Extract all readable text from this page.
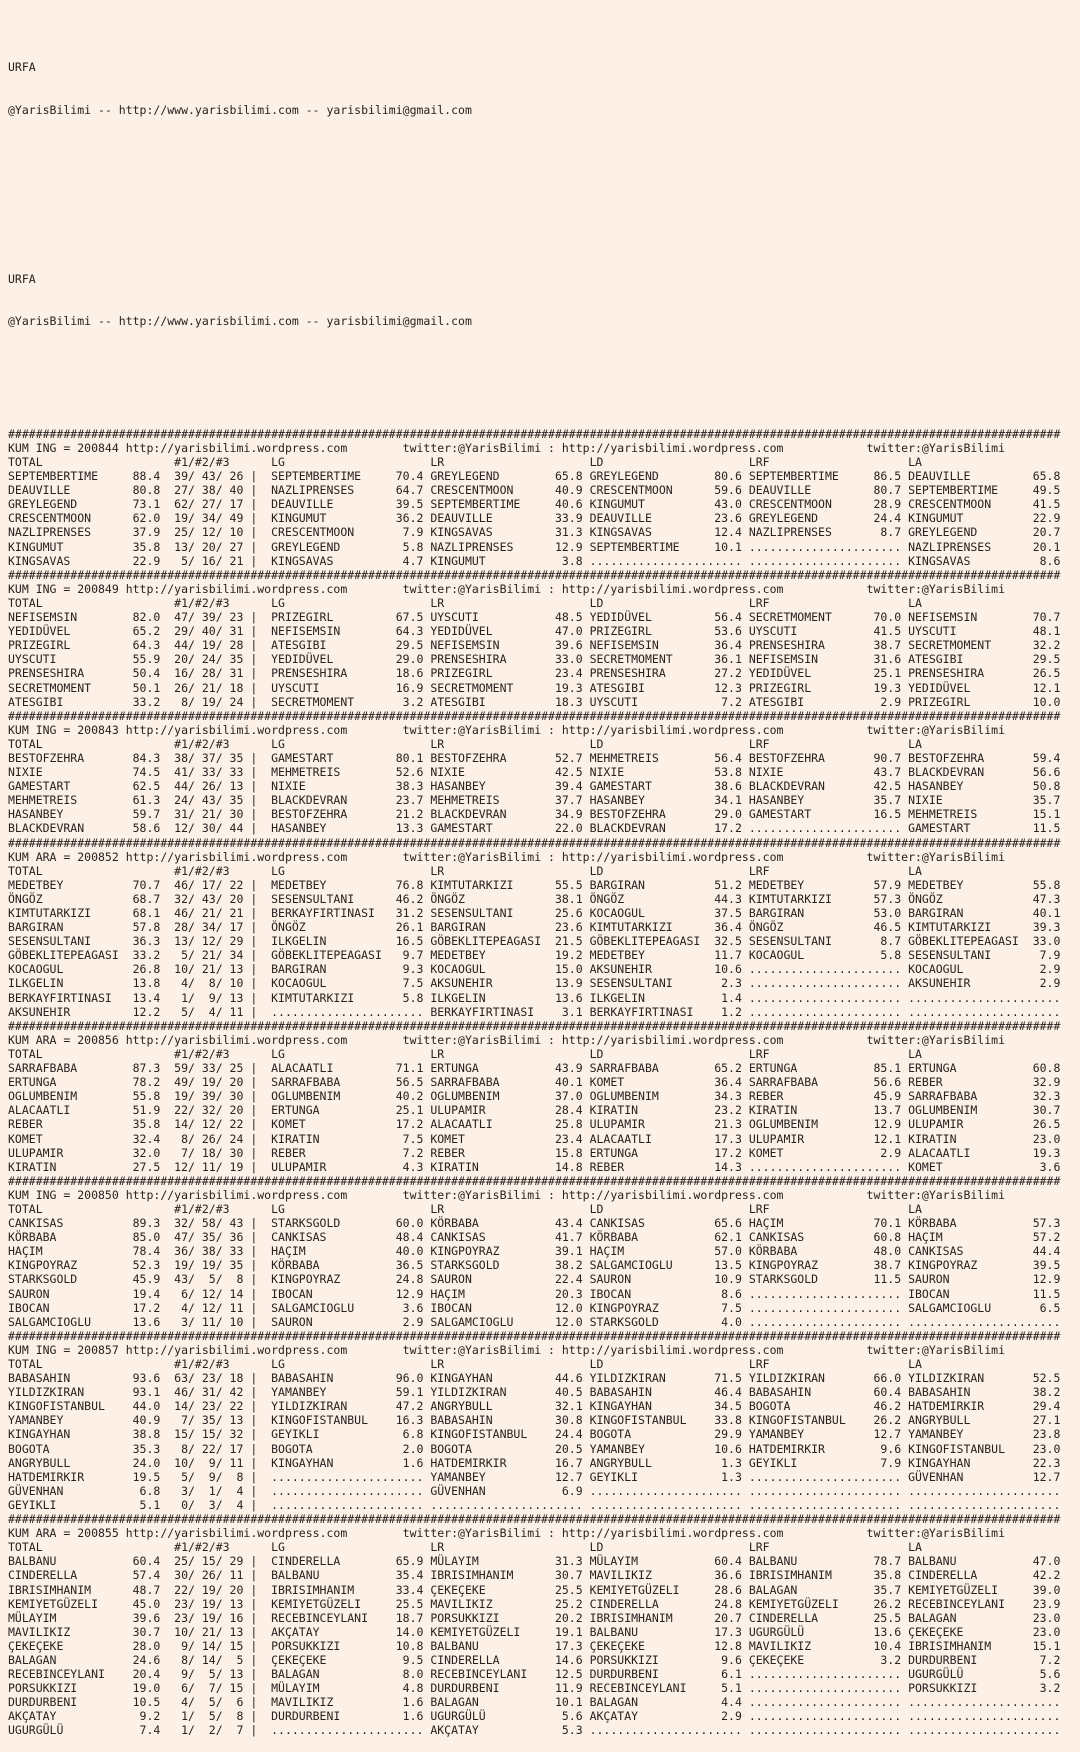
URFA

@YarisBilimi -- http://www.yarisbilimi.com -- yarisbilimi@gmail.com

URFA

@YarisBilimi -- http://www.yarisbilimi.com -- yarisbilimi@gmail.com

########################################################################################################################################################
KUM ING = 200844 http://yarisbilimi.wordpress.com        twitter:@YarisBilimi : http://yarisbilimi.wordpress.com            twitter:@YarisBilimi
TOTAL                   #1/#2/#3      LG                     LR                     LD                     LRF                    LA
SEPTEMBERTIME     88.4  39/ 43/ 26 |  SEPTEMBERTIME     70.4 GREYLEGEND        65.8 GREYLEGEND        80.6 SEPTEMBERTIME     86.5 DEAUVILLE         65.8
DEAUVILLE         80.8  27/ 38/ 40 |  NAZLIPRENSES      64.7 CRESCENTMOON      40.9 CRESCENTMOON      59.6 DEAUVILLE         80.7 SEPTEMBERTIME     49.5
GREYLEGEND        73.1  62/ 27/ 17 |  DEAUVILLE         39.5 SEPTEMBERTIME     40.6 KINGUMUT          43.0 CRESCENTMOON      28.9 CRESCENTMOON      41.5
CRESCENTMOON      62.0  19/ 34/ 49 |  KINGUMUT          36.2 DEAUVILLE         33.9 DEAUVILLE         23.6 GREYLEGEND        24.4 KINGUMUT          22.9
NAZLIPRENSES      37.9  25/ 12/ 10 |  CRESCENTMOON       7.9 KINGSAVAS         31.3 KINGSAVAS         12.4 NAZLIPRENSES       8.7 GREYLEGEND        20.7
KINGUMUT          35.8  13/ 20/ 27 |  GREYLEGEND         5.8 NAZLIPRENSES      12.9 SEPTEMBERTIME     10.1 ...................... NAZLIPRENSES      20.1
KINGSAVAS         22.9   5/ 16/ 21 |  KINGSAVAS          4.7 KINGUMUT           3.8 ...................... ...................... KINGSAVAS          8.6
########################################################################################################################################################
KUM ING = 200849 http://yarisbilimi.wordpress.com        twitter:@YarisBilimi : http://yarisbilimi.wordpress.com            twitter:@YarisBilimi
TOTAL                   #1/#2/#3      LG                     LR                     LD                     LRF                    LA
NEFISEMSIN        82.0  47/ 39/ 23 |  PRIZEGIRL         67.5 UYSCUTI           48.5 YEDIDÜVEL         56.4 SECRETMOMENT      70.0 NEFISEMSIN        70.7
YEDIDÜVEL         65.2  29/ 40/ 31 |  NEFISEMSIN        64.3 YEDIDÜVEL         47.0 PRIZEGIRL         53.6 UYSCUTI           41.5 UYSCUTI           48.1
PRIZEGIRL         64.3  44/ 19/ 28 |  ATESGIBI          29.5 NEFISEMSIN        39.6 NEFISEMSIN        36.4 PRENSESHIRA       38.7 SECRETMOMENT      32.2
UYSCUTI           55.9  20/ 24/ 35 |  YEDIDÜVEL         29.0 PRENSESHIRA       33.0 SECRETMOMENT      36.1 NEFISEMSIN        31.6 ATESGIBI          29.5
PRENSESHIRA       50.4  16/ 28/ 31 |  PRENSESHIRA       18.6 PRIZEGIRL         23.4 PRENSESHIRA       27.2 YEDIDÜVEL         25.1 PRENSESHIRA       26.5
SECRETMOMENT      50.1  26/ 21/ 18 |  UYSCUTI           16.9 SECRETMOMENT      19.3 ATESGIBI          12.3 PRIZEGIRL         19.3 YEDIDÜVEL         12.1
ATESGIBI          33.2   8/ 19/ 24 |  SECRETMOMENT       3.2 ATESGIBI          18.3 UYSCUTI            7.2 ATESGIBI           2.9 PRIZEGIRL         10.0
########################################################################################################################################################
KUM ING = 200843 http://yarisbilimi.wordpress.com        twitter:@YarisBilimi : http://yarisbilimi.wordpress.com            twitter:@YarisBilimi
TOTAL                   #1/#2/#3      LG                     LR                     LD                     LRF                    LA
BESTOFZEHRA       84.3  38/ 37/ 35 |  GAMESTART         80.1 BESTOFZEHRA       52.7 MEHMETREIS        56.4 BESTOFZEHRA       90.7 BESTOFZEHRA       59.4
NIXIE             74.5  41/ 33/ 33 |  MEHMETREIS        52.6 NIXIE             42.5 NIXIE             53.8 NIXIE             43.7 BLACKDEVRAN       56.6
GAMESTART         62.5  44/ 26/ 13 |  NIXIE             38.3 HASANBEY          39.4 GAMESTART         38.6 BLACKDEVRAN       42.5 HASANBEY          50.8
MEHMETREIS        61.3  24/ 43/ 35 |  BLACKDEVRAN       23.7 MEHMETREIS        37.7 HASANBEY          34.1 HASANBEY          35.7 NIXIE             35.7
HASANBEY          59.7  31/ 21/ 30 |  BESTOFZEHRA       21.2 BLACKDEVRAN       34.9 BESTOFZEHRA       29.0 GAMESTART         16.5 MEHMETREIS        15.1
BLACKDEVRAN       58.6  12/ 30/ 44 |  HASANBEY          13.3 GAMESTART         22.0 BLACKDEVRAN       17.2 ...................... GAMESTART         11.5
########################################################################################################################################################
KUM ARA = 200852 http://yarisbilimi.wordpress.com        twitter:@YarisBilimi : http://yarisbilimi.wordpress.com            twitter:@YarisBilimi
TOTAL                   #1/#2/#3      LG                     LR                     LD                     LRF                    LA
MEDETBEY          70.7  46/ 17/ 22 |  MEDETBEY          76.8 KIMTUTARKIZI      55.5 BARGIRAN          51.2 MEDETBEY          57.9 MEDETBEY          55.8
ÖNGÖZ             68.7  32/ 43/ 20 |  SESENSULTANI      46.2 ÖNGÖZ             38.1 ÖNGÖZ             44.3 KIMTUTARKIZI      57.3 ÖNGÖZ             47.3
KIMTUTARKIZI      68.1  46/ 21/ 21 |  BERKAYFIRTINASI   31.2 SESENSULTANI      25.6 KOCAOGUL          37.5 BARGIRAN          53.0 BARGIRAN          40.1
BARGIRAN          57.8  28/ 34/ 17 |  ÖNGÖZ             26.1 BARGIRAN          23.6 KIMTUTARKIZI      36.4 ÖNGÖZ             46.5 KIMTUTARKIZI      39.3
SESENSULTANI      36.3  13/ 12/ 29 |  ILKGELIN          16.5 GÖBEKLITEPEAGASI  21.5 GÖBEKLITEPEAGASI  32.5 SESENSULTANI       8.7 GÖBEKLITEPEAGASI  33.0
GÖBEKLITEPEAGASI  33.2   5/ 21/ 34 |  GÖBEKLITEPEAGASI   9.7 MEDETBEY          19.2 MEDETBEY          11.7 KOCAOGUL           5.8 SESENSULTANI       7.9
KOCAOGUL          26.8  10/ 21/ 13 |  BARGIRAN           9.3 KOCAOGUL          15.0 AKSUNEHIR         10.6 ...................... KOCAOGUL           2.9
ILKGELIN          13.8   4/  8/ 10 |  KOCAOGUL           7.5 AKSUNEHIR         13.9 SESENSULTANI       2.3 ...................... AKSUNEHIR          2.9
BERKAYFIRTINASI   13.4   1/  9/ 13 |  KIMTUTARKIZI       5.8 ILKGELIN          13.6 ILKGELIN           1.4 ...................... ......................
AKSUNEHIR         12.2   5/  4/ 11 |  ...................... BERKAYFIRTINASI    3.1 BERKAYFIRTINASI    1.2 ...................... ......................
########################################################################################################################################################
KUM ARA = 200856 http://yarisbilimi.wordpress.com        twitter:@YarisBilimi : http://yarisbilimi.wordpress.com            twitter:@YarisBilimi
TOTAL                   #1/#2/#3      LG                     LR                     LD                     LRF                    LA
SARRAFBABA        87.3  59/ 33/ 25 |  ALACAATLI         71.1 ERTUNGA           43.9 SARRAFBABA        65.2 ERTUNGA           85.1 ERTUNGA           60.8
ERTUNGA           78.2  49/ 19/ 20 |  SARRAFBABA        56.5 SARRAFBABA        40.1 KOMET             36.4 SARRAFBABA        56.6 REBER             32.9
OGLUMBENIM        55.8  19/ 39/ 30 |  OGLUMBENIM        40.2 OGLUMBENIM        37.0 OGLUMBENIM        34.3 REBER             45.9 SARRAFBABA        32.3
ALACAATLI         51.9  22/ 32/ 20 |  ERTUNGA           25.1 ULUPAMIR          28.4 KIRATIN           23.2 KIRATIN           13.7 OGLUMBENIM        30.7
REBER             35.8  14/ 12/ 22 |  KOMET             17.2 ALACAATLI         25.8 ULUPAMIR          21.3 OGLUMBENIM        12.9 ULUPAMIR          26.5
KOMET             32.4   8/ 26/ 24 |  KIRATIN            7.5 KOMET             23.4 ALACAATLI         17.3 ULUPAMIR          12.1 KIRATIN           23.0
ULUPAMIR          32.0   7/ 18/ 30 |  REBER              7.2 REBER             15.8 ERTUNGA           17.2 KOMET              2.9 ALACAATLI         19.3
KIRATIN           27.5  12/ 11/ 19 |  ULUPAMIR           4.3 KIRATIN           14.8 REBER             14.3 ...................... KOMET              3.6
########################################################################################################################################################
KUM ING = 200850 http://yarisbilimi.wordpress.com        twitter:@YarisBilimi : http://yarisbilimi.wordpress.com            twitter:@YarisBilimi
TOTAL                   #1/#2/#3      LG                     LR                     LD                     LRF                    LA
CANKISAS          89.3  32/ 58/ 43 |  STARKSGOLD        60.0 KÖRBABA           43.4 CANKISAS          65.6 HAÇIM             70.1 KÖRBABA           57.3
KÖRBABA           85.0  47/ 35/ 36 |  CANKISAS          48.4 CANKISAS          41.7 KÖRBABA           62.1 CANKISAS          60.8 HAÇIM             57.2
HAÇIM             78.4  36/ 38/ 33 |  HAÇIM             40.0 KINGPOYRAZ        39.1 HAÇIM             57.0 KÖRBABA           48.0 CANKISAS          44.4
KINGPOYRAZ        52.3  19/ 19/ 35 |  KÖRBABA           36.5 STARKSGOLD        38.2 SALGAMCIOGLU      13.5 KINGPOYRAZ        38.7 KINGPOYRAZ        39.5
STARKSGOLD        45.9  43/  5/  8 |  KINGPOYRAZ        24.8 SAURON            22.4 SAURON            10.9 STARKSGOLD        11.5 SAURON            12.9
SAURON            19.4   6/ 12/ 14 |  IBOCAN            12.9 HAÇIM             20.3 IBOCAN             8.6 ...................... IBOCAN            11.5
IBOCAN            17.2   4/ 12/ 11 |  SALGAMCIOGLU       3.6 IBOCAN            12.0 KINGPOYRAZ         7.5 ...................... SALGAMCIOGLU       6.5
SALGAMCIOGLU      13.6   3/ 11/ 10 |  SAURON             2.9 SALGAMCIOGLU      12.0 STARKSGOLD         4.0 ...................... ......................
########################################################################################################################################################
KUM ING = 200857 http://yarisbilimi.wordpress.com        twitter:@YarisBilimi : http://yarisbilimi.wordpress.com            twitter:@YarisBilimi
TOTAL                   #1/#2/#3      LG                     LR                     LD                     LRF                    LA
BABASAHIN         93.6  63/ 23/ 18 |  BABASAHIN         96.0 KINGAYHAN         44.6 YILDIZKIRAN       71.5 YILDIZKIRAN       66.0 YILDIZKIRAN       52.5
YILDIZKIRAN       93.1  46/ 31/ 42 |  YAMANBEY          59.1 YILDIZKIRAN       40.5 BABASAHIN         46.4 BABASAHIN         60.4 BABASAHIN         38.2
KINGOFISTANBUL    44.0  14/ 23/ 22 |  YILDIZKIRAN       47.2 ANGRYBULL         32.1 KINGAYHAN         34.5 BOGOTA            46.2 HATDEMIRKIR       29.4
YAMANBEY          40.9   7/ 35/ 13 |  KINGOFISTANBUL    16.3 BABASAHIN         30.8 KINGOFISTANBUL    33.8 KINGOFISTANBUL    26.2 ANGRYBULL         27.1
KINGAYHAN         38.8  15/ 15/ 32 |  GEYIKLI            6.8 KINGOFISTANBUL    24.4 BOGOTA            29.9 YAMANBEY          12.7 YAMANBEY          23.8
BOGOTA            35.3   8/ 22/ 17 |  BOGOTA             2.0 BOGOTA            20.5 YAMANBEY          10.6 HATDEMIRKIR        9.6 KINGOFISTANBUL    23.0
ANGRYBULL         24.0  10/  9/ 11 |  KINGAYHAN          1.6 HATDEMIRKIR       16.7 ANGRYBULL          1.3 GEYIKLI            7.9 KINGAYHAN         22.3
HATDEMIRKIR       19.5   5/  9/  8 |  ...................... YAMANBEY          12.7 GEYIKLI            1.3 ...................... GÜVENHAN          12.7
GÜVENHAN           6.8   3/  1/  4 |  ...................... GÜVENHAN           6.9 ...................... ...................... ......................
GEYIKLI            5.1   0/  3/  4 |  ...................... ...................... ...................... ...................... ......................
########################################################################################################################################################
KUM ARA = 200855 http://yarisbilimi.wordpress.com        twitter:@YarisBilimi : http://yarisbilimi.wordpress.com            twitter:@YarisBilimi
TOTAL                   #1/#2/#3      LG                     LR                     LD                     LRF                    LA
BALBANU           60.4  25/ 15/ 29 |  CINDERELLA        65.9 MÜLAYIM           31.3 MÜLAYIM           60.4 BALBANU           78.7 BALBANU           47.0
CINDERELLA        57.4  30/ 26/ 11 |  BALBANU           35.4 IBRISIMHANIM      30.7 MAVILIKIZ         36.6 IBRISIMHANIM      35.8 CINDERELLA        42.2
IBRISIMHANIM      48.7  22/ 19/ 20 |  IBRISIMHANIM      33.4 ÇEKEÇEKE          25.5 KEMIYETGÜZELI     28.6 BALAGAN           35.7 KEMIYETGÜZELI     39.0
KEMIYETGÜZELI     45.0  23/ 19/ 13 |  KEMIYETGÜZELI     25.5 MAVILIKIZ         25.2 CINDERELLA        24.8 KEMIYETGÜZELI     26.2 RECEBINCEYLANI    23.9
MÜLAYIM           39.6  23/ 19/ 16 |  RECEBINCEYLANI    18.7 PORSUKKIZI        20.2 IBRISIMHANIM      20.7 CINDERELLA        25.5 BALAGAN           23.0
MAVILIKIZ         30.7  10/ 21/ 13 |  AKÇATAY           14.0 KEMIYETGÜZELI     19.1 BALBANU           17.3 UGURGÜLÜ          13.6 ÇEKEÇEKE          23.0
ÇEKEÇEKE          28.0   9/ 14/ 15 |  PORSUKKIZI        10.8 BALBANU           17.3 ÇEKEÇEKE          12.8 MAVILIKIZ         10.4 IBRISIMHANIM      15.1
BALAGAN           24.6   8/ 14/  5 |  ÇEKEÇEKE           9.5 CINDERELLA        14.6 PORSUKKIZI         9.6 ÇEKEÇEKE           3.2 DURDURBENI         7.2
RECEBINCEYLANI    20.4   9/  5/ 13 |  BALAGAN            8.0 RECEBINCEYLANI    12.5 DURDURBENI         6.1 ...................... UGURGÜLÜ           5.6
PORSUKKIZI        19.0   6/  7/ 15 |  MÜLAYIM            4.8 DURDURBENI        11.9 RECEBINCEYLANI     5.1 ...................... PORSUKKIZI         3.2
DURDURBENI        10.5   4/  5/  6 |  MAVILIKIZ          1.6 BALAGAN           10.1 BALAGAN            4.4 ...................... ......................
AKÇATAY            9.2   1/  5/  8 |  DURDURBENI         1.6 UGURGÜLÜ           5.6 AKÇATAY            2.9 ...................... ......................
UGURGÜLÜ           7.4   1/  2/  7 |  ...................... AKÇATAY            5.3 ...................... ...................... ......................
